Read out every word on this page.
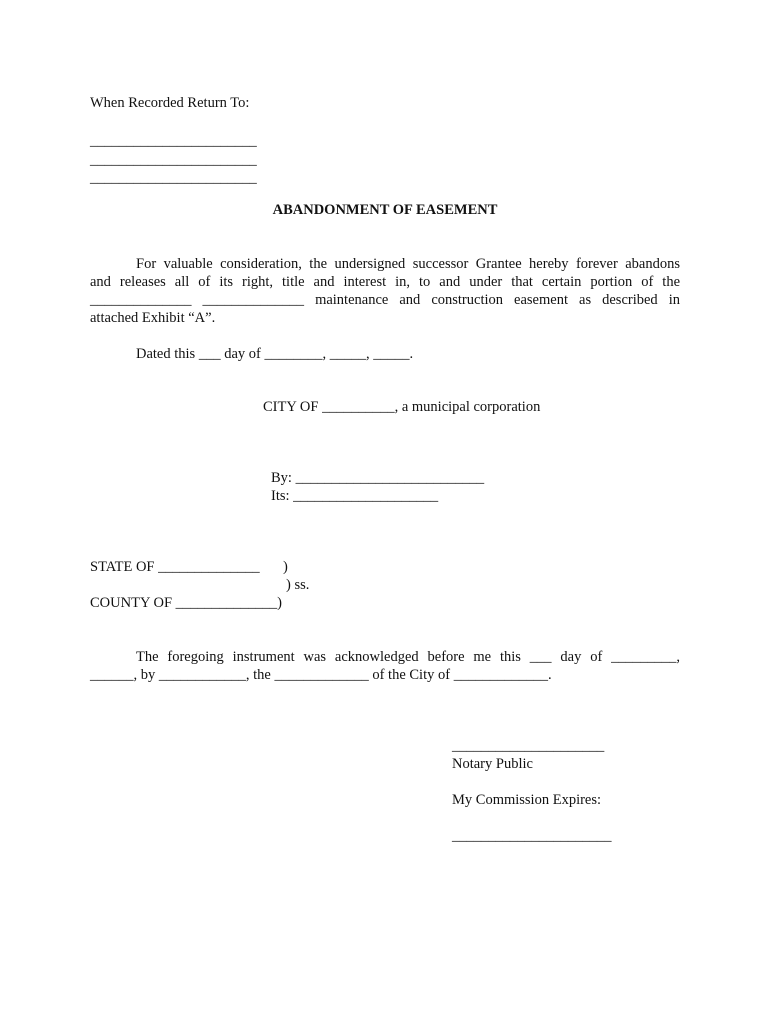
When Recorded Return To:
_______________________
_______________________
_______________________
ABANDONMENT OF EASEMENT
For valuable consideration, the undersigned successor Grantee hereby forever abandons
and releases all of its right, title and interest in, to and under that certain portion of the
______________ ______________ maintenance and construction easement as described in
attached Exhibit “A”.
Dated this ___ day of ________, _____, _____.
CITY OF __________, a municipal corporation
By: __________________________
Its: ____________________
STATE OF ______________ )
) ss.
COUNTY OF ______________)
The foregoing instrument was acknowledged before me this ___ day of _________,
______, by ____________, the _____________ of the City of _____________.
_____________________
Notary Public
My Commission Expires:
______________________
